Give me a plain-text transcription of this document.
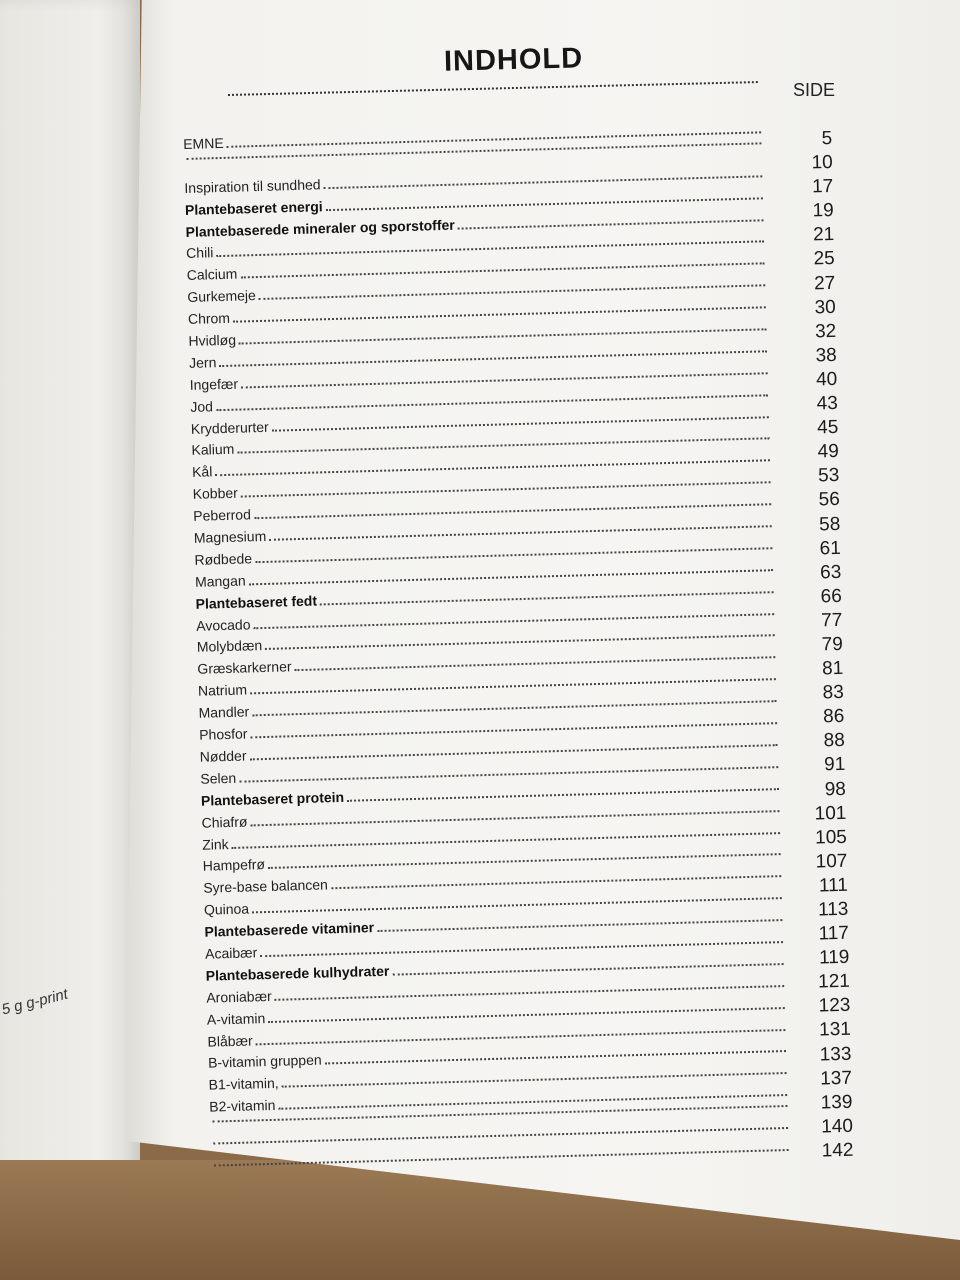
5 g g-print
INDHOLD
SIDE
EMNE
Inspiration til sundhed
Plantebaseret energi
Plantebaserede mineraler og sporstoffer
Chili
Calcium
Gurkemeje
Chrom
Hvidløg
Jern
Ingefær
Jod
Krydderurter
Kalium
Kål
Kobber
Peberrod
Magnesium
Rødbede
Mangan
Plantebaseret fedt
Avocado
Molybdæn
Græskarkerner
Natrium
Mandler
Phosfor
Nødder
Selen
Plantebaseret protein
Chiafrø
Zink
Hampefrø
Syre-base balancen
Quinoa
Plantebaserede vitaminer
Acaibær
Plantebaserede kulhydrater
Aroniabær
A-vitamin
Blåbær
B-vitamin gruppen
B1-vitamin,
B2-vitamin
5
10
17
19
21
25
27
30
32
38
40
43
45
49
53
56
58
61
63
66
77
79
81
83
86
88
91
98
101
105
107
111
113
117
119
121
123
131
133
137
139
140
142
